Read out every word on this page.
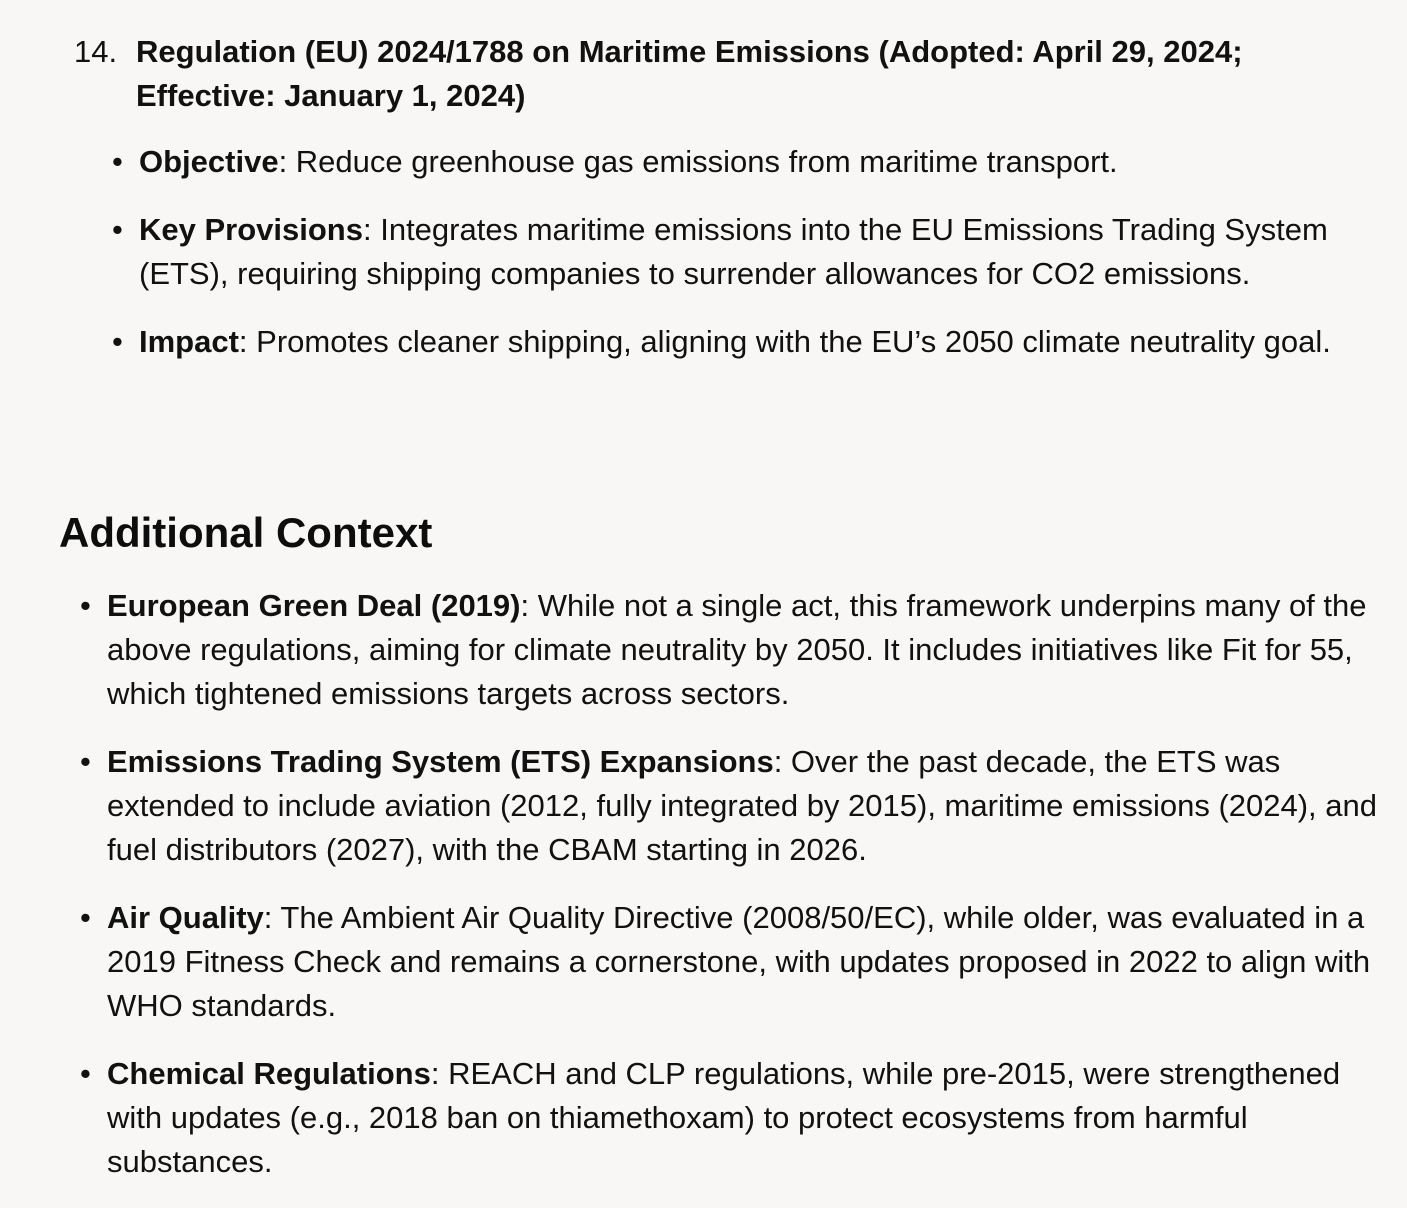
14. Regulation (EU) 2024/1788 on Maritime Emissions (Adopted: April 29, 2024; Effective: January 1, 2024)
• Objective: Reduce greenhouse gas emissions from maritime transport.
• Key Provisions: Integrates maritime emissions into the EU Emissions Trading System (ETS), requiring shipping companies to surrender allowances for CO2 emissions.
• Impact: Promotes cleaner shipping, aligning with the EU’s 2050 climate neutrality goal.
Additional Context
• European Green Deal (2019): While not a single act, this framework underpins many of the above regulations, aiming for climate neutrality by 2050. It includes initiatives like Fit for 55, which tightened emissions targets across sectors.
• Emissions Trading System (ETS) Expansions: Over the past decade, the ETS was extended to include aviation (2012, fully integrated by 2015), maritime emissions (2024), and fuel distributors (2027), with the CBAM starting in 2026.
• Air Quality: The Ambient Air Quality Directive (2008/50/EC), while older, was evaluated in a 2019 Fitness Check and remains a cornerstone, with updates proposed in 2022 to align with WHO standards.
• Chemical Regulations: REACH and CLP regulations, while pre-2015, were strengthened with updates (e.g., 2018 ban on thiamethoxam) to protect ecosystems from harmful substances.
